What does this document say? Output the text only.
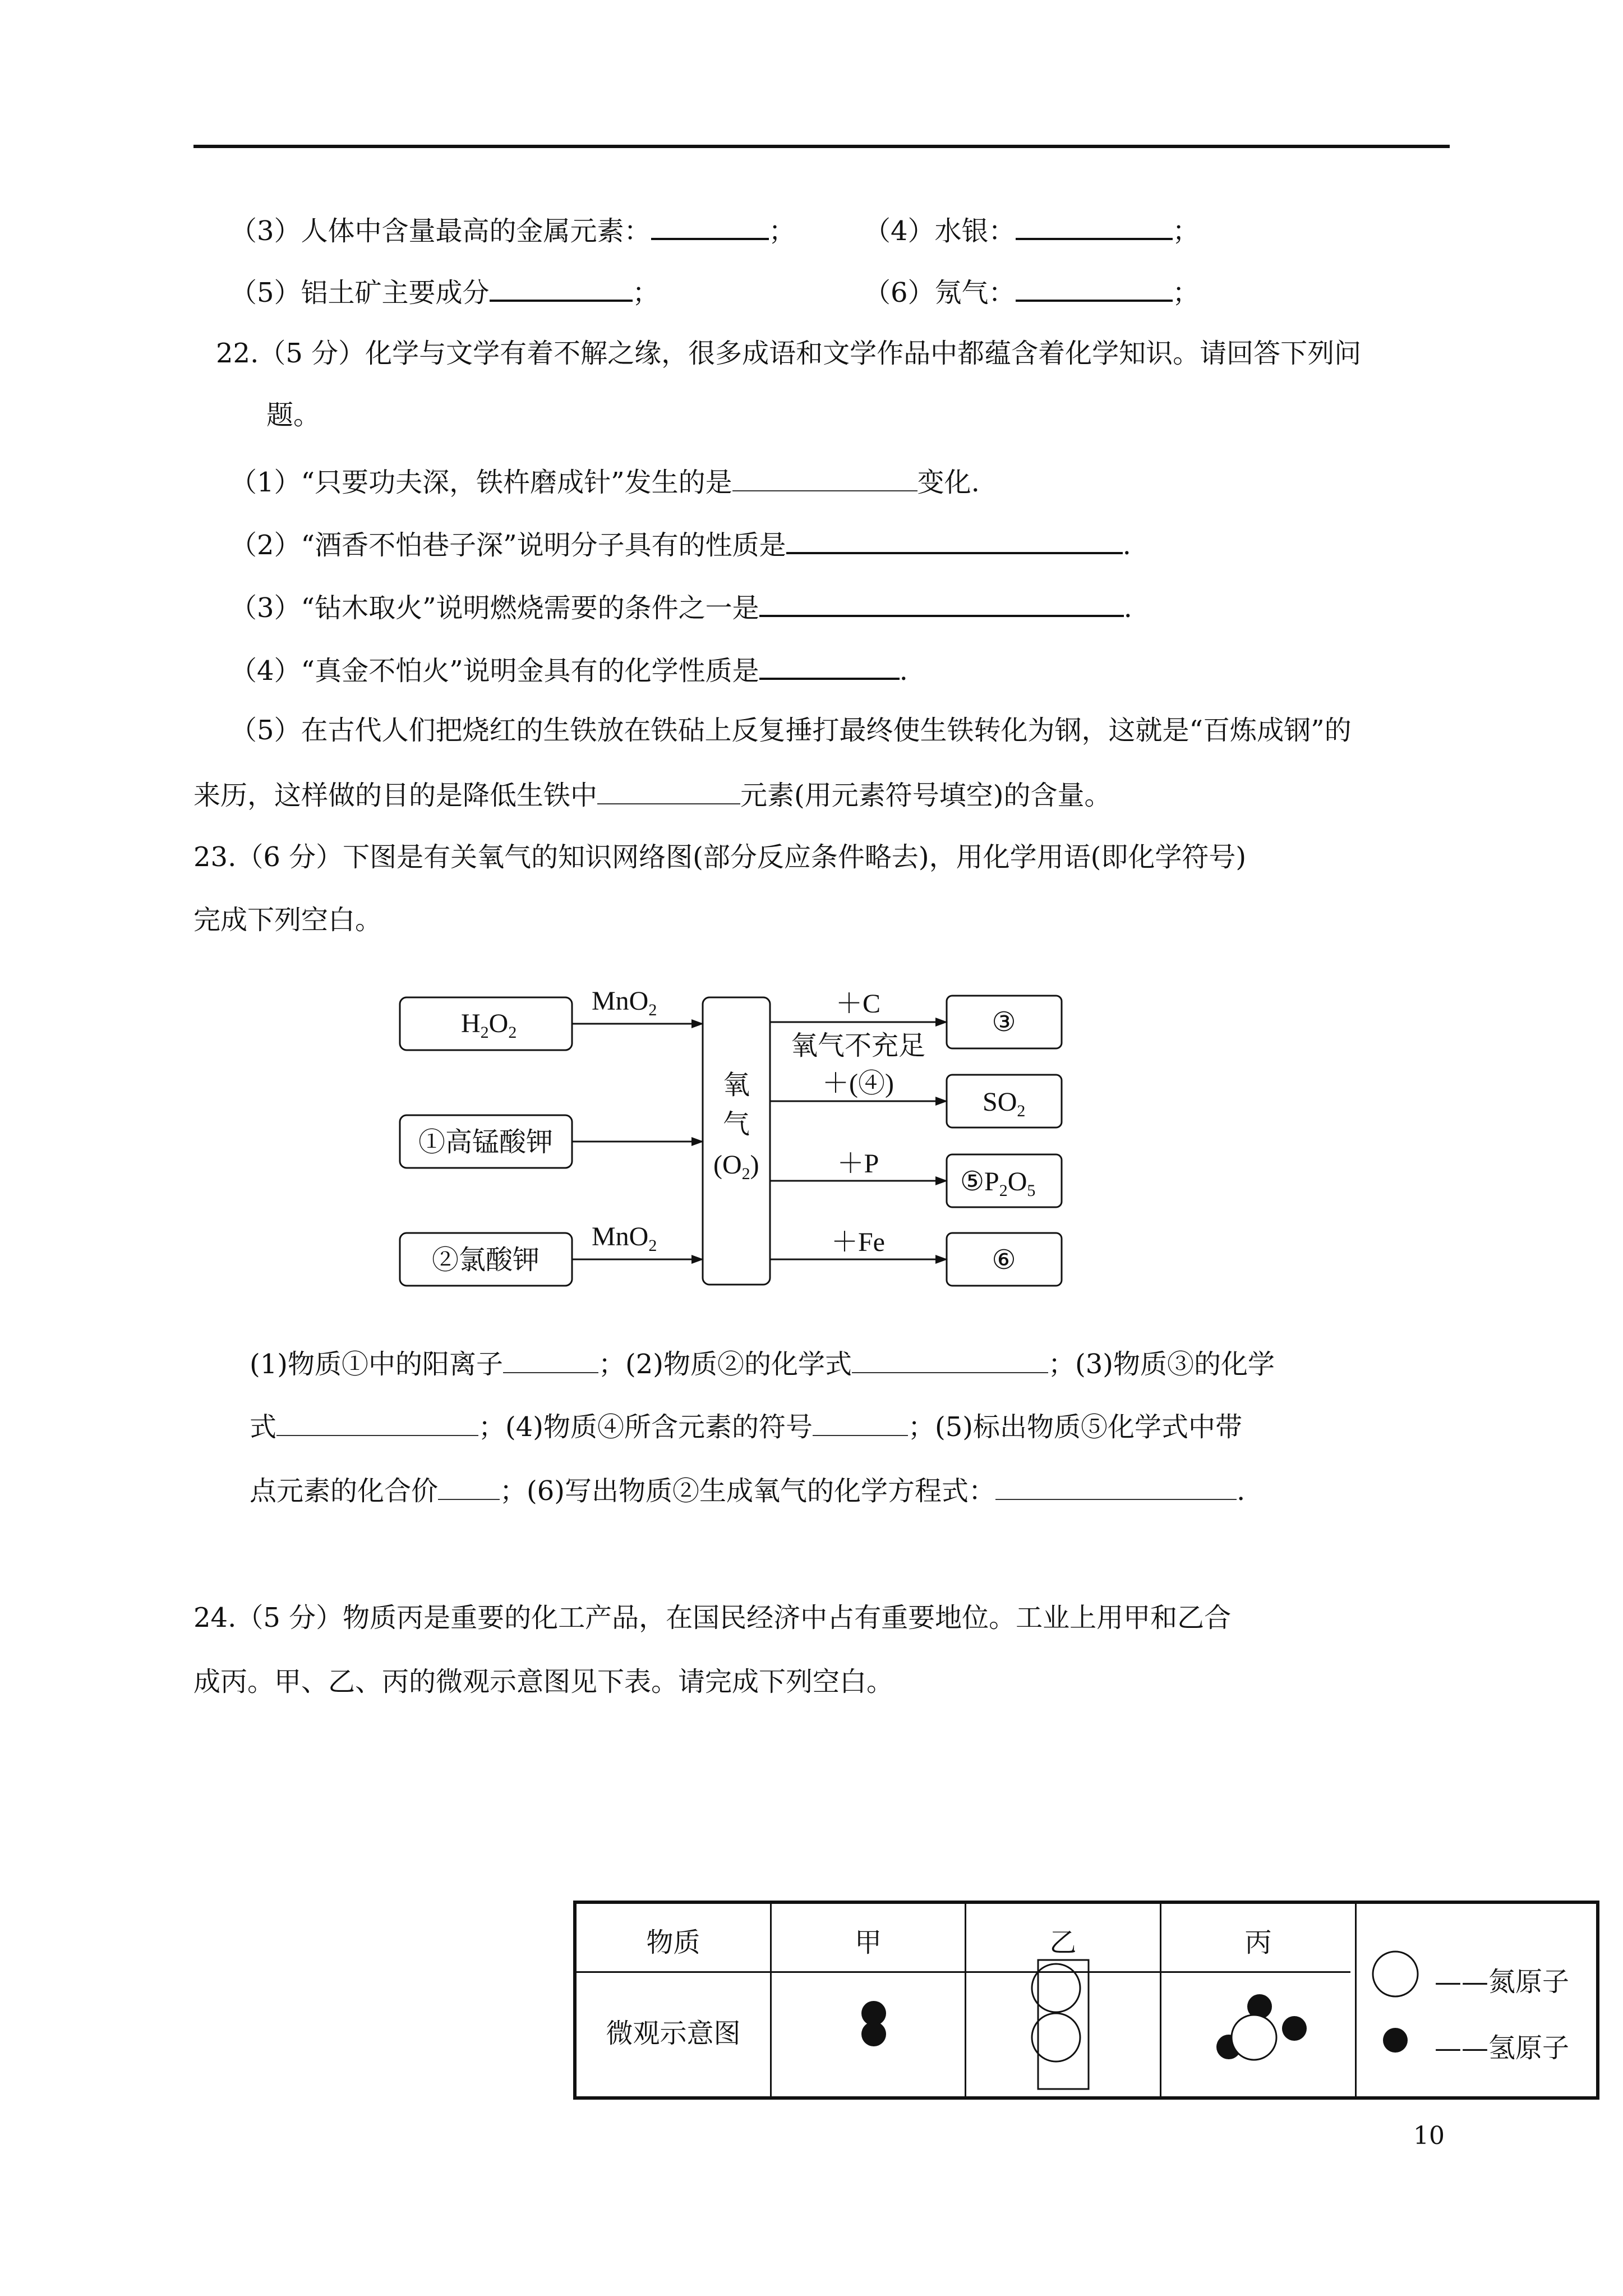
（3）人体中含量最高的金属元素：	；	（4）水银：	；
（5）铝土矿主要成分	；	（6）氖气：	；
22.（5 分）化学与文学有着不解之缘，很多成语和文学作品中都蕴含着化学知识。请回答下列问
题。
（1）“只要功夫深，铁杵磨成针”发生的是	变化.
（2）“酒香不怕巷子深”说明分子具有的性质是	.
（3）“钻木取火”说明燃烧需要的条件之一是	.
（4）“真金不怕火”说明金具有的化学性质是	.
（5）在古代人们把烧红的生铁放在铁砧上反复捶打最终使生铁转化为钢，这就是“百炼成钢”的
来历，这样做的目的是降低生铁中	元素(用元素符号填空)的含量。
23.（6 分）下图是有关氧气的知识网络图(部分反应条件略去)，用化学用语(即化学符号)
完成下列空白。
$H_2O_2$
①高锰酸钾
②氯酸钾
MnO$_2$
MnO$_2$
氧
气
$(O_2)$
＋C
氧气不充足
＋(④)
＋P
＋Fe
③
$SO_2$
$⑤P_2O_5$
⑥
(1)物质①中的阳离子	；(2)物质②的化学式	；(3)物质③的化学
式	；(4)物质④所含元素的符号	；(5)标出物质⑤化学式中带
点元素的化合价 ；(6)写出物质②生成氧气的化学方程式：	.
24.（5 分）物质丙是重要的化工产品，在国民经济中占有重要地位。工业上用甲和乙合
成丙。甲、乙、丙的微观示意图见下表。请完成下列空白。
物质	甲	乙	丙
微观示意图
——氮原子
——氢原子
10
